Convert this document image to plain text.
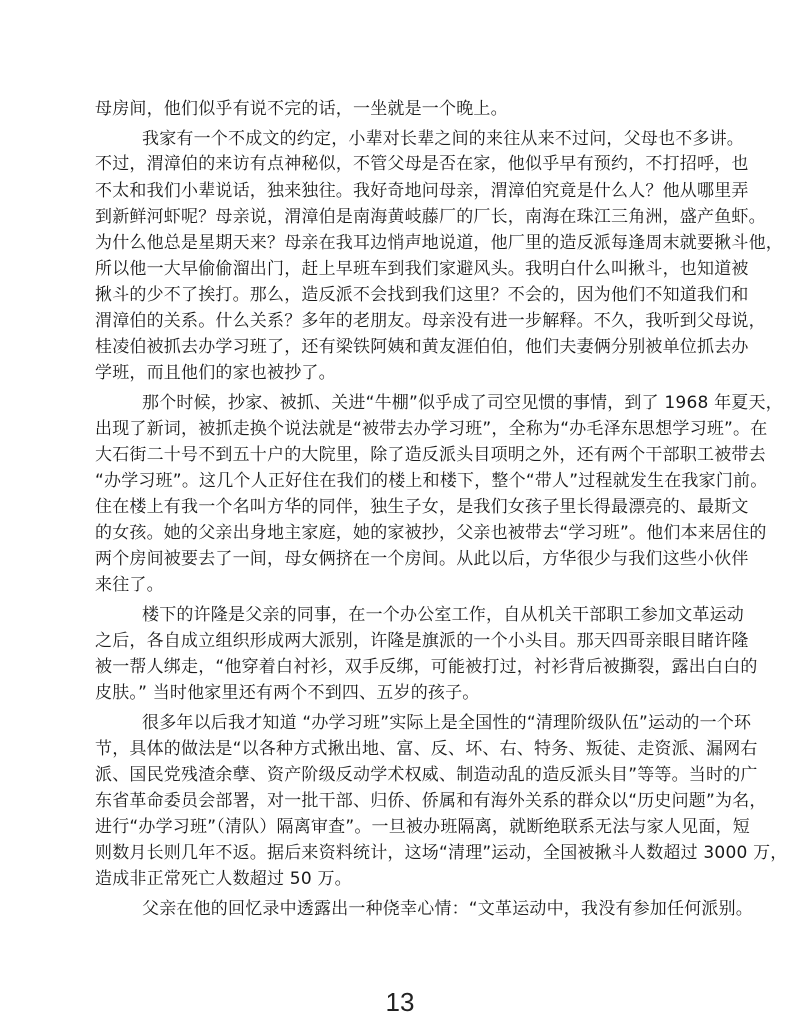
母房间，他们似乎有说不完的话，一坐就是一个晚上。
我家有一个不成文的约定，小辈对长辈之间的来往从来不过问，父母也不多讲。
不过，渭漳伯的来访有点神秘似，不管父母是否在家，他似乎早有预约，不打招呼，也
不太和我们小辈说话，独来独往。我好奇地问母亲，渭漳伯究竟是什么人？他从哪里弄
到新鲜河虾呢？母亲说，渭漳伯是南海黄岐藤厂的厂长，南海在珠江三角洲，盛产鱼虾。
为什么他总是星期天来？母亲在我耳边悄声地说道，他厂里的造反派每逢周末就要揪斗他，
所以他一大早偷偷溜出门，赶上早班车到我们家避风头。我明白什么叫揪斗，也知道被
揪斗的少不了挨打。那么，造反派不会找到我们这里？不会的，因为他们不知道我们和
渭漳伯的关系。什么关系？多年的老朋友。母亲没有进一步解释。不久，我听到父母说，
桂凌伯被抓去办学习班了，还有梁铁阿姨和黄友涯伯伯，他们夫妻俩分别被单位抓去办
学班，而且他们的家也被抄了。
那个时候，抄家、被抓、关进“牛棚”似乎成了司空见惯的事情，到了 1968 年夏天，
出现了新词，被抓走换个说法就是“被带去办学习班”，全称为“办毛泽东思想学习班”。在
大石街二十号不到五十户的大院里，除了造反派头目项明之外，还有两个干部职工被带去
“办学习班”。这几个人正好住在我们的楼上和楼下，整个“带人”过程就发生在我家门前。
住在楼上有我一个名叫方华的同伴，独生子女，是我们女孩子里长得最漂亮的、最斯文
的女孩。她的父亲出身地主家庭，她的家被抄，父亲也被带去“学习班”。他们本来居住的
两个房间被要去了一间，母女俩挤在一个房间。从此以后，方华很少与我们这些小伙伴
来往了。
楼下的许隆是父亲的同事，在一个办公室工作，自从机关干部职工参加文革运动
之后，各自成立组织形成两大派别，许隆是旗派的一个小头目。那天四哥亲眼目睹许隆
被一帮人绑走，“他穿着白衬衫，双手反绑，可能被打过，衬衫背后被撕裂，露出白白的
皮肤。” 当时他家里还有两个不到四、五岁的孩子。
很多年以后我才知道 “办学习班”实际上是全国性的“清理阶级队伍”运动的一个环
节，具体的做法是“以各种方式揪出地、富、反、坏、右、特务、叛徒、走资派、漏网右
派、国民党残渣余孽、资产阶级反动学术权威、制造动乱的造反派头目”等等。当时的广
东省革命委员会部署，对一批干部、归侨、侨属和有海外关系的群众以“历史问题”为名，
进行“办学习班”（清队）隔离审查”。一旦被办班隔离，就断绝联系无法与家人见面，短
则数月长则几年不返。据后来资料统计，这场“清理”运动，全国被揪斗人数超过 3000 万，
造成非正常死亡人数超过 50 万。
父亲在他的回忆录中透露出一种侥幸心情：“文革运动中，我没有参加任何派别。
13
